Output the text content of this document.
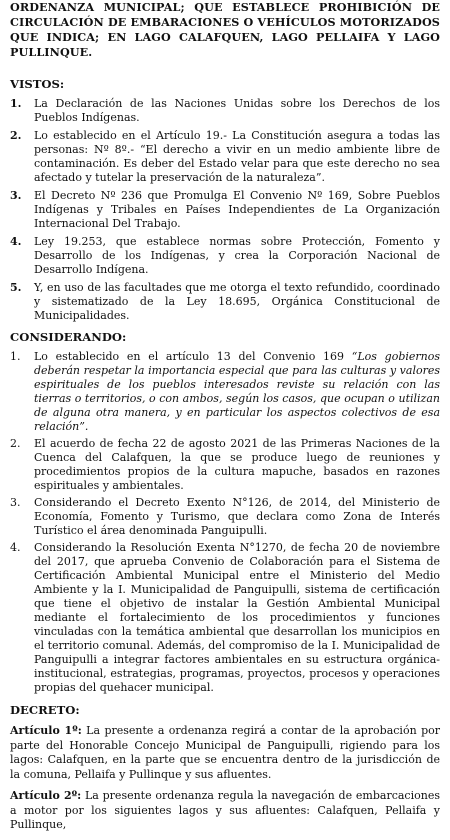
ORDENANZA MUNICIPAL; QUE ESTABLECE PROHIBICIÓN DE CIRCULACIÓN DE EMBARACIONES O VEHÍCULOS MOTORIZADOS QUE INDICA; EN LAGO CALAFQUEN, LAGO PELLAIFA Y LAGO PULLINQUE.

VISTOS:
1.	La Declaración de las Naciones Unidas sobre los Derechos de los Pueblos Indígenas.
2.	Lo establecido en el Artículo 19.- La Constitución asegura a todas las personas: Nº 8º.- “El derecho a vivir en un medio ambiente libre de contaminación. Es deber del Estado velar para que este derecho no sea afectado y tutelar la preservación de la naturaleza”.
3.	El Decreto Nº 236 que Promulga El Convenio Nº 169, Sobre Pueblos Indígenas y Tribales en Países Independientes de La Organización Internacional Del Trabajo.
4.	Ley 19.253, que establece normas sobre Protección, Fomento y Desarrollo de los Indígenas, y crea la Corporación Nacional de Desarrollo Indígena.
5.	Y, en uso de las facultades que me otorga el texto refundido, coordinado y sistematizado de la Ley 18.695, Orgánica Constitucional de Municipalidades.
CONSIDERANDO:
1.	Lo establecido en el artículo 13 del Convenio 169 “Los gobiernos deberán respetar la importancia especial que para las culturas y valores espirituales de los pueblos interesados reviste su relación con las tierras o territorios, o con ambos, según los casos, que ocupan o utilizan de alguna otra manera, y en particular los aspectos colectivos de esa relación”.
2.	El acuerdo de fecha 22 de agosto 2021 de las Primeras Naciones de la Cuenca del Calafquen, la que se produce luego de reuniones y procedimientos propios de la cultura mapuche, basados en razones espirituales y ambientales.
3.	Considerando el Decreto Exento N°126, de 2014, del Ministerio de Economía, Fomento y Turismo, que declara como Zona de Interés Turístico el área denominada Panguipulli.
4.	Considerando la Resolución Exenta N°1270, de fecha 20 de noviembre del 2017, que aprueba Convenio de Colaboración para el Sistema de Certificación Ambiental Municipal entre el Ministerio del Medio Ambiente y la I. Municipalidad de Panguipulli, sistema de certificación que tiene el objetivo de instalar la Gestión Ambiental Municipal mediante el fortalecimiento de los procedimientos y funciones vinculadas con la temática ambiental que desarrollan los municipios en el territorio comunal. Además, del compromiso de la I. Municipalidad de Panguipulli a integrar factores ambientales en su estructura orgánica-institucional, estrategias, programas, proyectos, procesos y operaciones propias del quehacer municipal.
DECRETO:

Artículo 1º: La presente a ordenanza regirá a contar de la aprobación por parte del Honorable Concejo Municipal de Panguipulli, rigiendo para los lagos: Calafquen, en la parte que se encuentra dentro de la jurisdicción de la comuna, Pellaifa y Pullinque y sus afluentes.

Artículo 2º: La presente ordenanza regula la navegación de embarcaciones a motor por los siguientes lagos y sus afluentes: Calafquen, Pellaifa y Pullinque,
